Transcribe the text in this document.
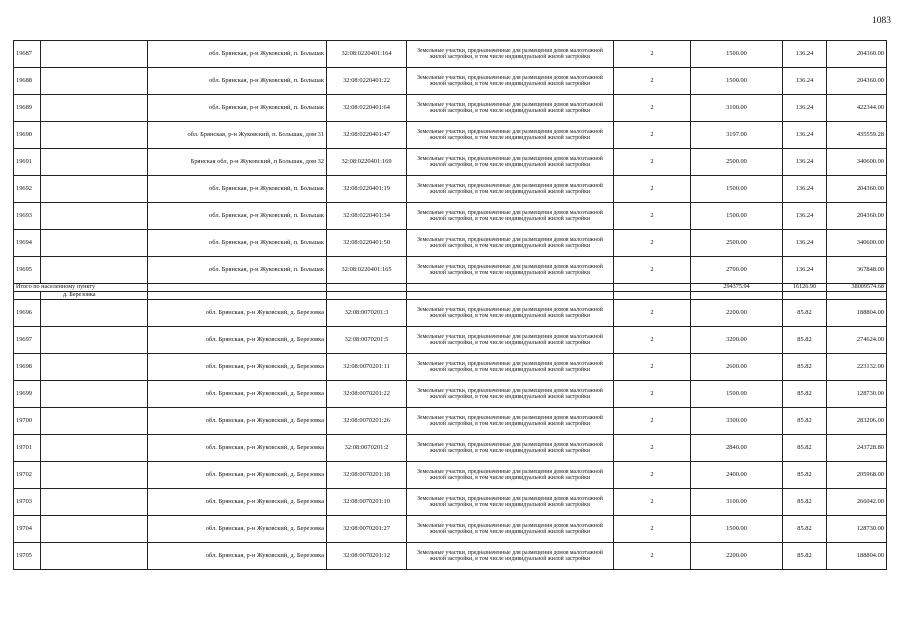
1083
19687		обл. Брянская, р-н Жуковский, п. Большак	32:08:0220401:164	Земельные участки, предназначенные для размещения домов малоэтажной жилой застройки, в том числе индивидуальной жилой застройки	2	1500.00	136.24	204360.00
19688		обл. Брянская, р-н Жуковский, п. Большак	32:08:0220401:22	Земельные участки, предназначенные для размещения домов малоэтажной жилой застройки, в том числе индивидуальной жилой застройки	2	1500.00	136.24	204360.00
19689		обл. Брянская, р-н Жуковский, п. Большак	32:08:0220401:64	Земельные участки, предназначенные для размещения домов малоэтажной жилой застройки, в том числе индивидуальной жилой застройки	2	3100.00	136.24	422344.00
19690		обл. Брянская, р-н Жуковский, п. Большак, дом 31	32:08:0220401:47	Земельные участки, предназначенные для размещения домов малоэтажной жилой застройки, в том числе индивидуальной жилой застройки	2	3197.00	136.24	435559.28
19691		Брянская обл, р-н Жуковский, п Большак, дом 32	32:08:0220401:169	Земельные участки, предназначенные для размещения домов малоэтажной жилой застройки, в том числе индивидуальной жилой застройки	2	2500.00	136.24	340600.00
19692		обл. Брянская, р-н Жуковский, п. Большак	32:08:0220401:19	Земельные участки, предназначенные для размещения домов малоэтажной жилой застройки, в том числе индивидуальной жилой застройки	2	1500.00	136.24	204360.00
19693		обл. Брянская, р-н Жуковский, п. Большак	32:08:0220401:34	Земельные участки, предназначенные для размещения домов малоэтажной жилой застройки, в том числе индивидуальной жилой застройки	2	1500.00	136.24	204360.00
19694		обл. Брянская, р-н Жуковский, п. Большак	32:08:0220401:50	Земельные участки, предназначенные для размещения домов малоэтажной жилой застройки, в том числе индивидуальной жилой застройки	2	2500.00	136.24	340600.00
19695		обл. Брянская, р-н Жуковский, п. Большак	32:08:0220401:165	Земельные участки, предназначенные для размещения домов малоэтажной жилой застройки, в том числе индивидуальной жилой застройки	2	2700.00	136.24	367848.00
Итого по населенному пункту						294375.94	16126.90	38009574.68
	д. Березовка							
19696		обл. Брянская, р-н Жуковский, д. Березовка	32:08:0070201:3	Земельные участки, предназначенные для размещения домов малоэтажной жилой застройки, в том числе индивидуальной жилой застройки	2	2200.00	85.82	188804.00
19697		обл. Брянская, р-н Жуковский, д. Березовка	32:08:0070201:5	Земельные участки, предназначенные для размещения домов малоэтажной жилой застройки, в том числе индивидуальной жилой застройки	2	3200.00	85.82	274624.00
19698		обл. Брянская, р-н Жуковский, д. Березовка	32:08:0070201:11	Земельные участки, предназначенные для размещения домов малоэтажной жилой застройки, в том числе индивидуальной жилой застройки	2	2600.00	85.82	223132.00
19699		обл. Брянская, р-н Жуковский, д. Березовка	32:08:0070201:22	Земельные участки, предназначенные для размещения домов малоэтажной жилой застройки, в том числе индивидуальной жилой застройки	2	1500.00	85.82	128730.00
19700		обл. Брянская, р-н Жуковский, д. Березовка	32:08:0070201:26	Земельные участки, предназначенные для размещения домов малоэтажной жилой застройки, в том числе индивидуальной жилой застройки	2	3300.00	85.82	283206.00
19701		обл. Брянская, р-н Жуковский, д. Березовка	32:08:0070201:2	Земельные участки, предназначенные для размещения домов малоэтажной жилой застройки, в том числе индивидуальной жилой застройки	2	2840.00	85.82	243728.80
19702		обл. Брянская, р-н Жуковский, д. Березовка	32:08:0070201:18	Земельные участки, предназначенные для размещения домов малоэтажной жилой застройки, в том числе индивидуальной жилой застройки	2	2400.00	85.82	205968.00
19703		обл. Брянская, р-н Жуковский, д. Березовка	32:08:0070201:10	Земельные участки, предназначенные для размещения домов малоэтажной жилой застройки, в том числе индивидуальной жилой застройки	2	3100.00	85.82	266042.00
19704		обл. Брянская, р-н Жуковский, д. Березовка	32:08:0070201:27	Земельные участки, предназначенные для размещения домов малоэтажной жилой застройки, в том числе индивидуальной жилой застройки	2	1500.00	85.82	128730.00
19705		обл. Брянская, р-н Жуковский, д. Березовка	32:08:0070201:12	Земельные участки, предназначенные для размещения домов малоэтажной жилой застройки, в том числе индивидуальной жилой застройки	2	2200.00	85.82	188804.00
